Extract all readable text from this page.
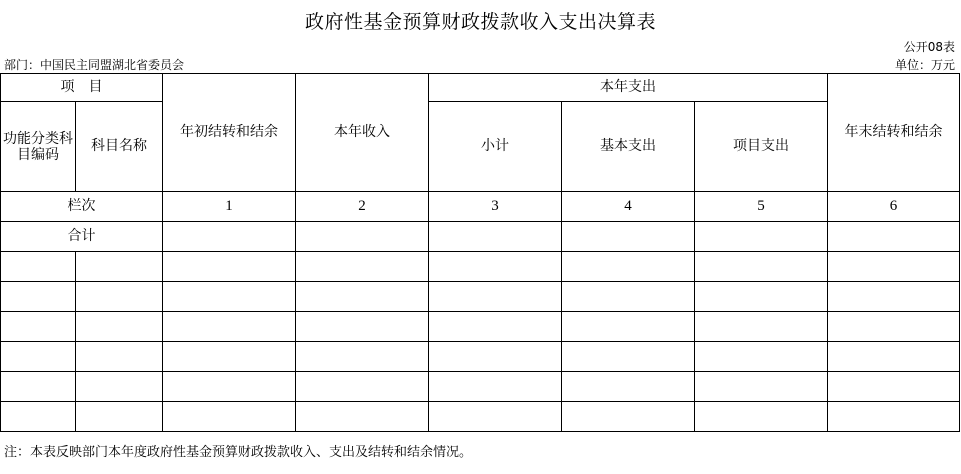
政府性基金预算财政拨款收入支出决算表
公开08表
部门：中国民主同盟湖北省委员会	单位：万元
项　目		年初结转和结余	本年收入	本年支出			年末结转和结余
功能分类科目编码	科目名称			小计	基本支出	项目支出	

栏次		1	2	3	4	5	6
合计							

注：本表反映部门本年度政府性基金预算财政拨款收入、支出及结转和结余情况。
